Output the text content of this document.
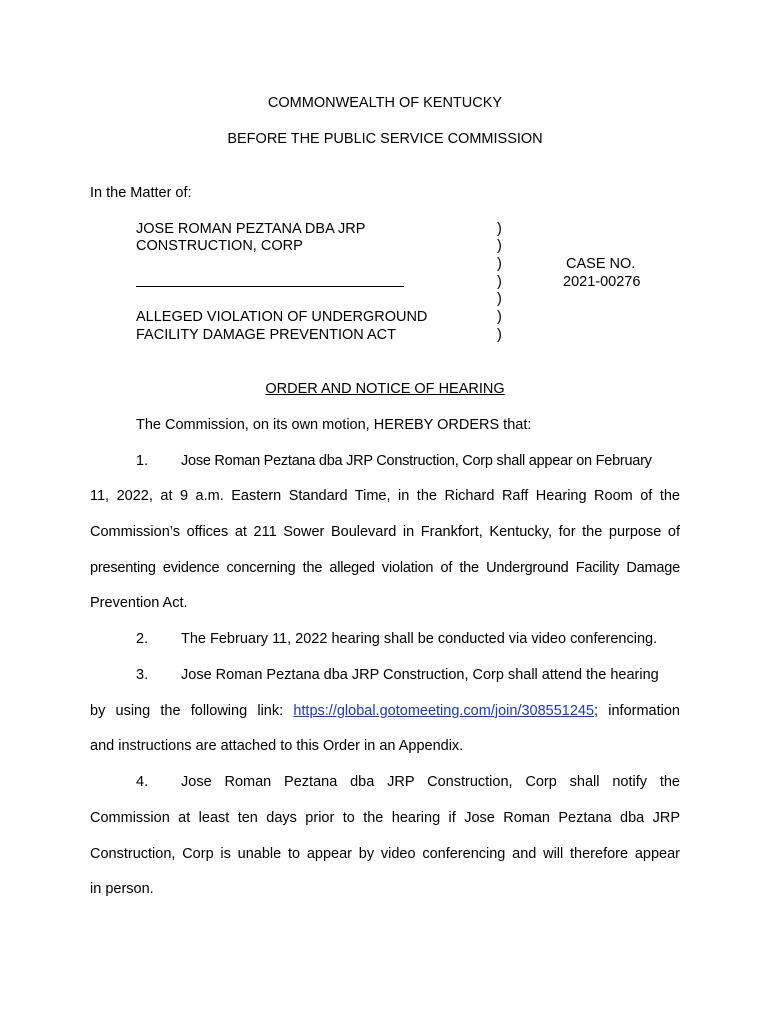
COMMONWEALTH OF KENTUCKY
BEFORE THE PUBLIC SERVICE COMMISSION
In the Matter of:
JOSE ROMAN PEZTANA DBA JRP
CONSTRUCTION, CORP
ALLEGED VIOLATION OF UNDERGROUND
FACILITY DAMAGE PREVENTION ACT
)
)
)
)
)
)
)
CASE NO.
2021-00276
ORDER AND NOTICE OF HEARING
The Commission, on its own motion, HEREBY ORDERS that:
1. Jose Roman Peztana dba JRP Construction, Corp shall appear on February
11, 2022, at 9 a.m. Eastern Standard Time, in the Richard Raff Hearing Room of the
Commission’s offices at 211 Sower Boulevard in Frankfort, Kentucky, for the purpose of
presenting evidence concerning the alleged violation of the Underground Facility Damage
Prevention Act.
2. The February 11, 2022 hearing shall be conducted via video conferencing.
3. Jose Roman Peztana dba JRP Construction, Corp shall attend the hearing
by using the following link: https://global.gotomeeting.com/join/308551245; information
and instructions are attached to this Order in an Appendix.
4. Jose Roman Peztana dba JRP Construction, Corp shall notify the
Commission at least ten days prior to the hearing if Jose Roman Peztana dba JRP
Construction, Corp is unable to appear by video conferencing and will therefore appear
in person.
